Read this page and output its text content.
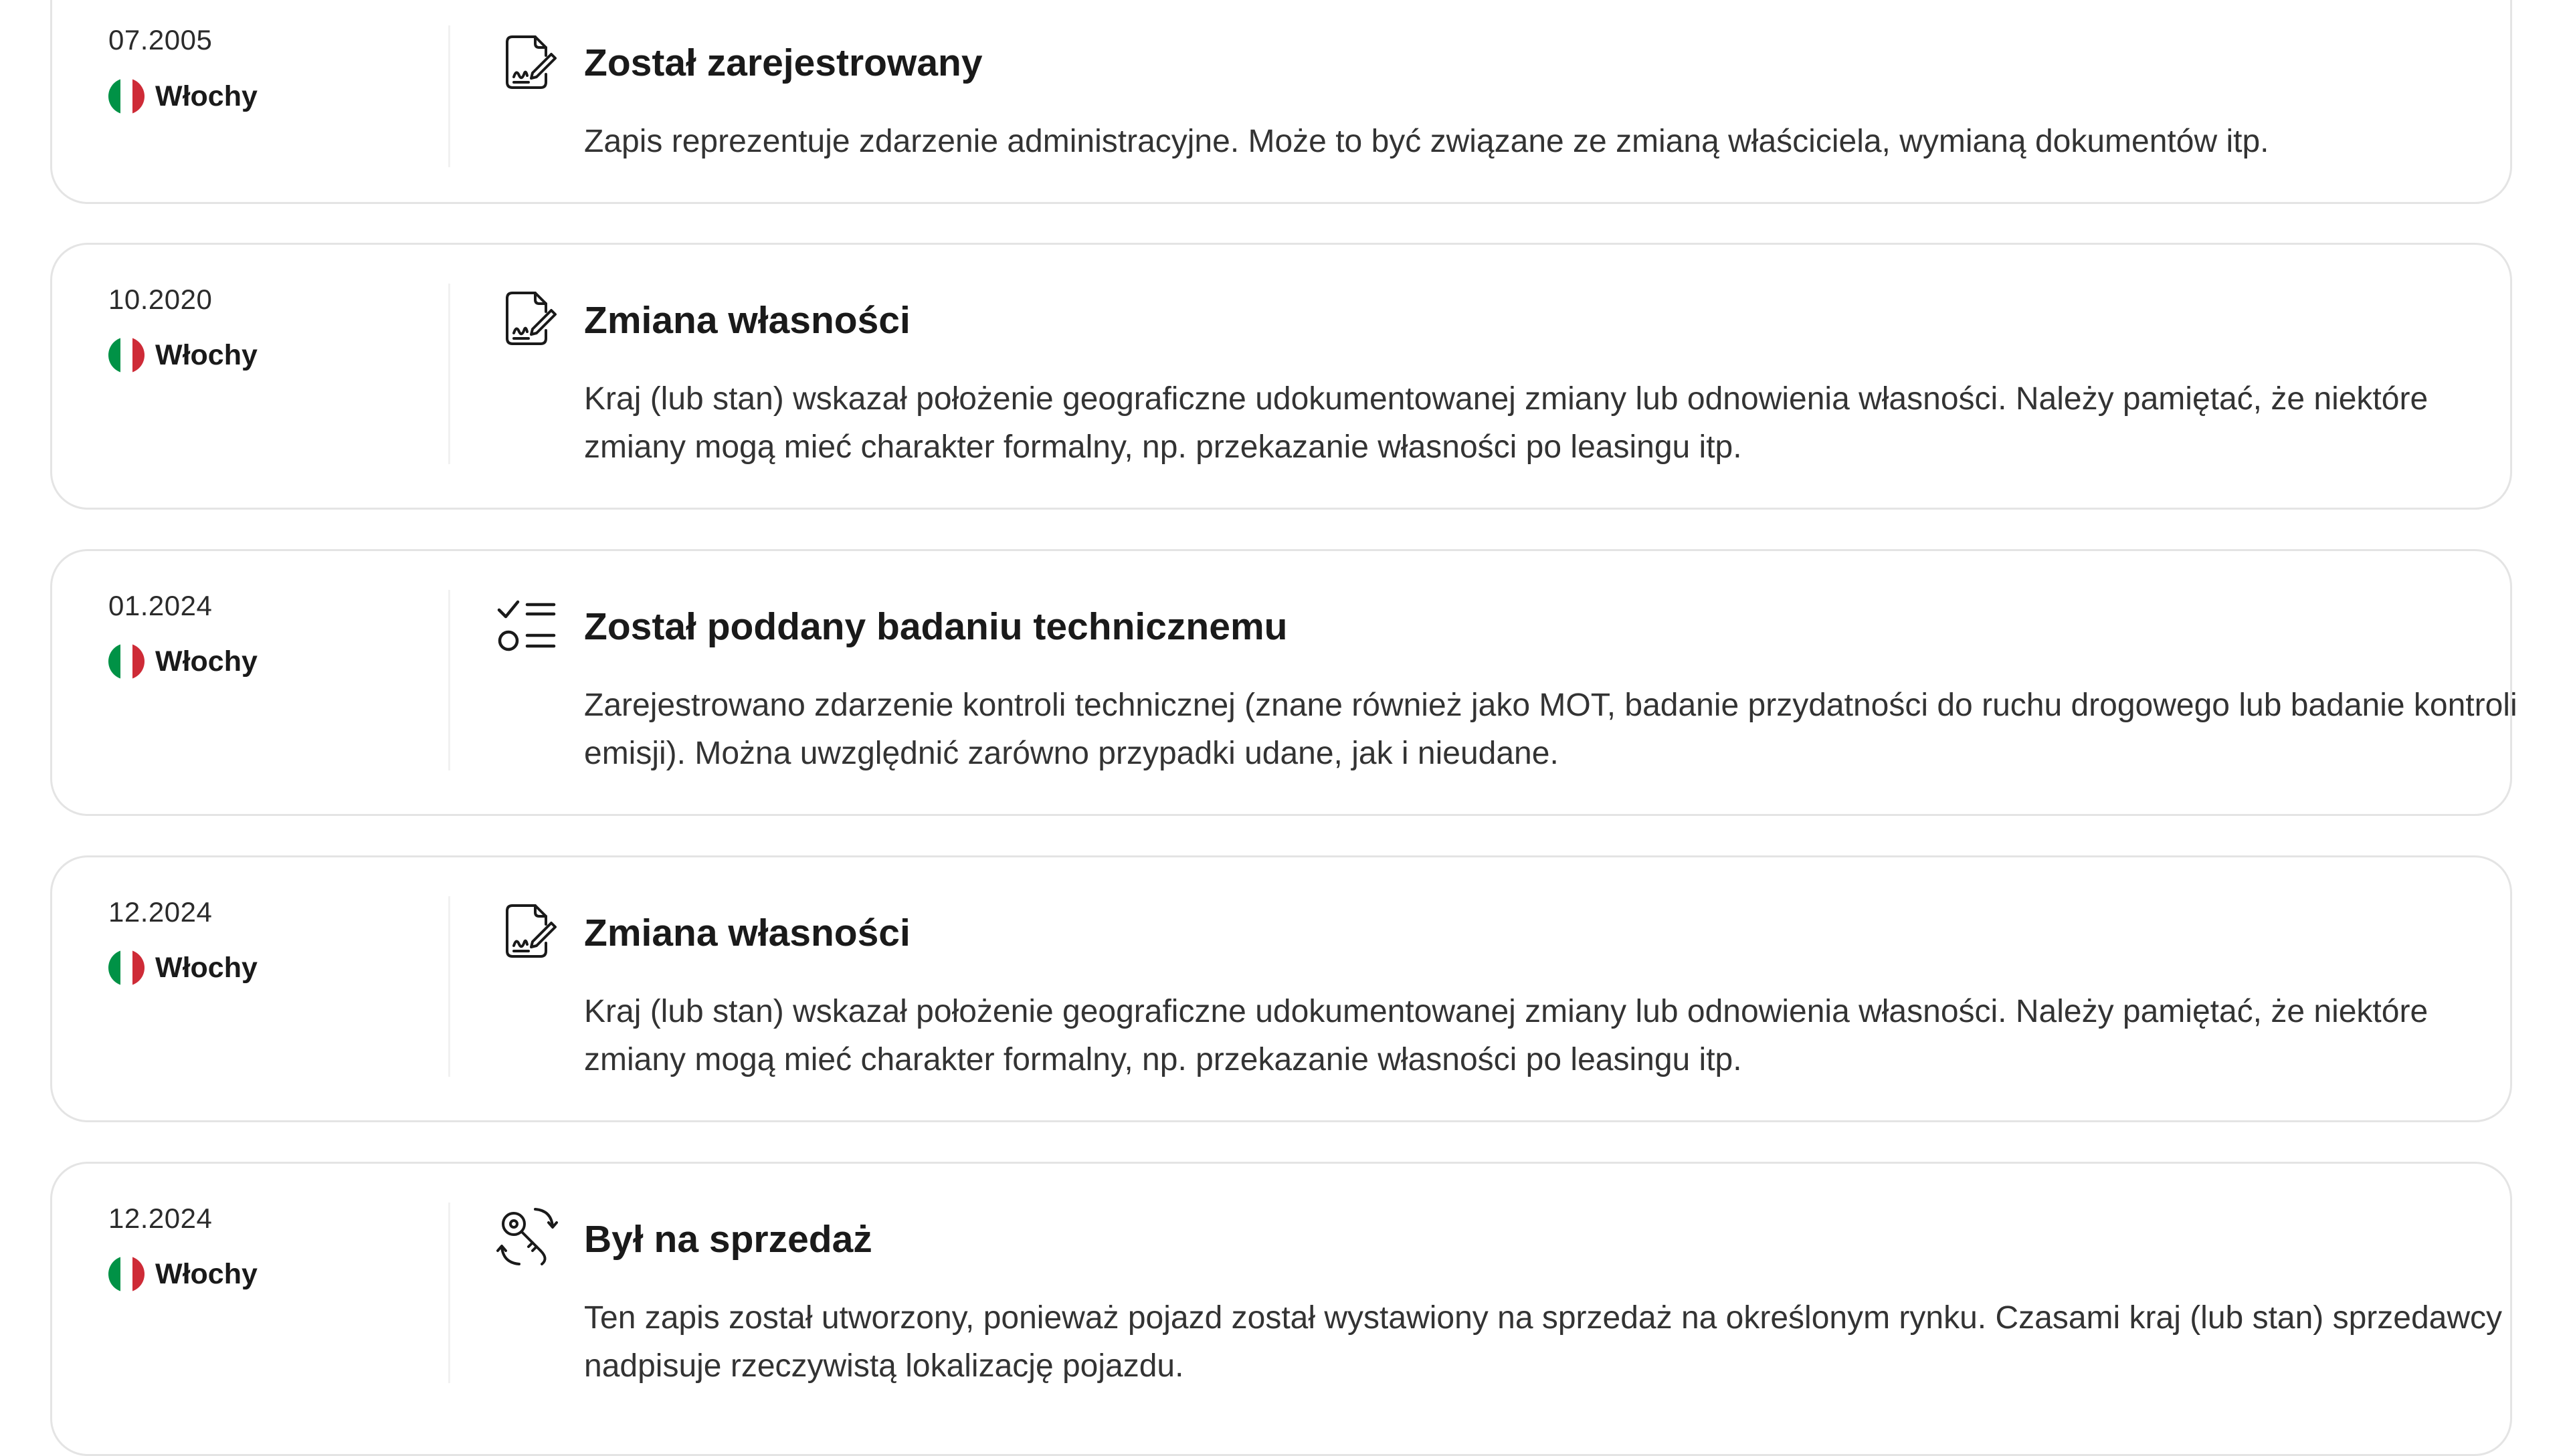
07.2005
Włochy
Został zarejestrowany
Zapis reprezentuje zdarzenie administracyjne. Może to być związane ze zmianą właściciela, wymianą dokumentów itp.
10.2020
Włochy
Zmiana własności
Kraj (lub stan) wskazał położenie geograficzne udokumentowanej zmiany lub odnowienia własności. Należy pamiętać, że niektóre zmiany mogą mieć charakter formalny, np. przekazanie własności po leasingu itp.
01.2024
Włochy
Został poddany badaniu technicznemu
Zarejestrowano zdarzenie kontroli technicznej (znane również jako MOT, badanie przydatności do ruchu drogowego lub badanie kontroli emisji). Można uwzględnić zarówno przypadki udane, jak i nieudane.
12.2024
Włochy
Zmiana własności
Kraj (lub stan) wskazał położenie geograficzne udokumentowanej zmiany lub odnowienia własności. Należy pamiętać, że niektóre zmiany mogą mieć charakter formalny, np. przekazanie własności po leasingu itp.
12.2024
Włochy
Był na sprzedaż
Ten zapis został utworzony, ponieważ pojazd został wystawiony na sprzedaż na określonym rynku. Czasami kraj (lub stan) sprzedawcy nadpisuje rzeczywistą lokalizację pojazdu.
